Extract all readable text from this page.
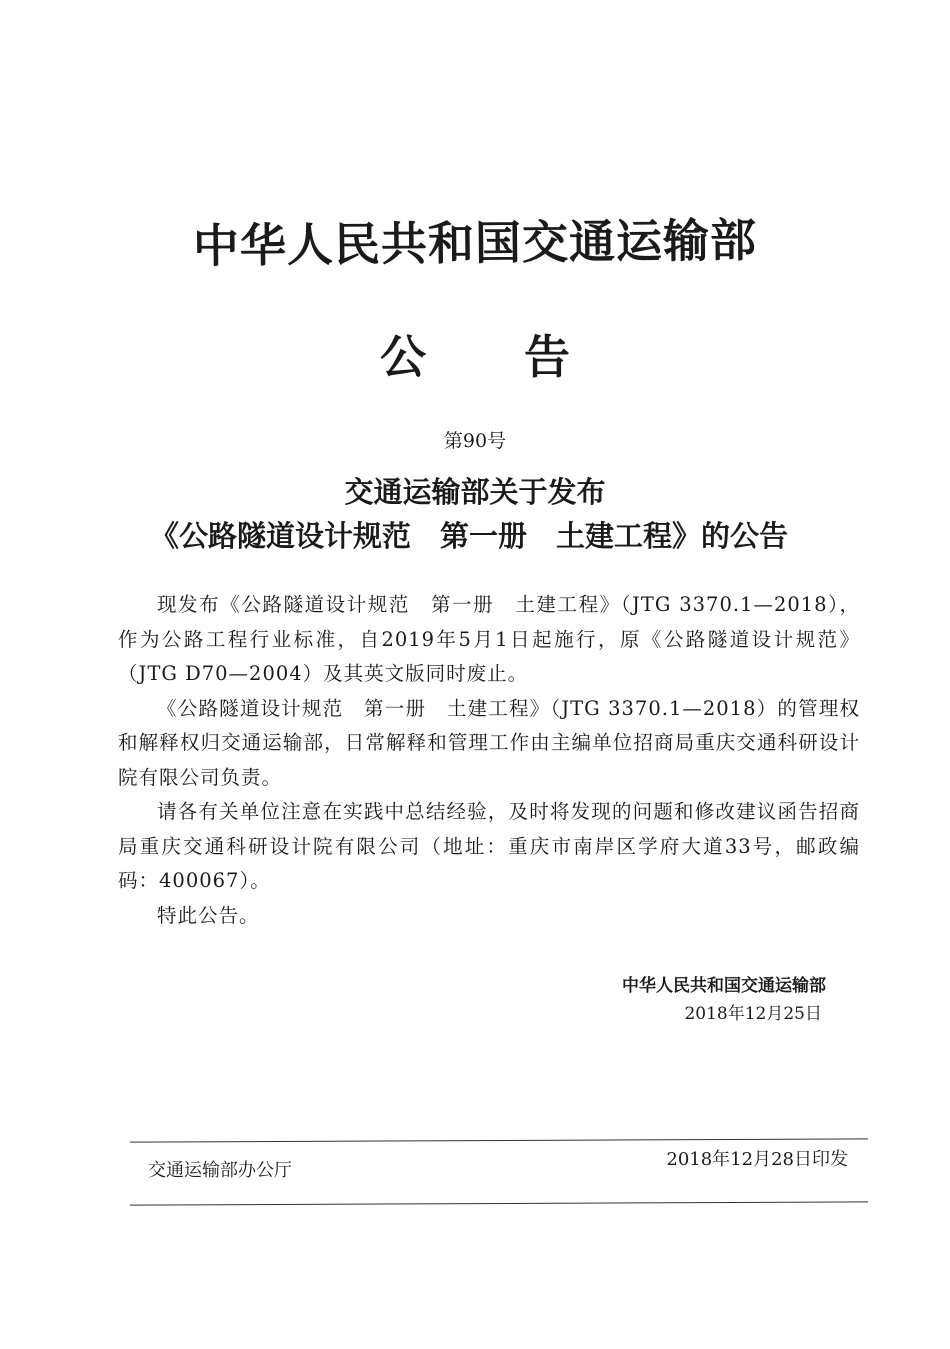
中华人民共和国交通运输部
公告
第90号
交通运输部关于发布
《公路隧道设计规范　第一册　土建工程》的公告

现发布《公路隧道设计规范　第一册　土建工程》（JTG 3370.1—2018），作为公路工程行业标准，自2019年5月1日起施行，原《公路隧道设计规范》（JTG D70—2004）及其英文版同时废止。

《公路隧道设计规范　第一册　土建工程》（JTG 3370.1—2018）的管理权和解释权归交通运输部，日常解释和管理工作由主编单位招商局重庆交通科研设计院有限公司负责。

请各有关单位注意在实践中总结经验，及时将发现的问题和修改建议函告招商局重庆交通科研设计院有限公司（地址：重庆市南岸区学府大道33号，邮政编码：400067）。

特此公告。

中华人民共和国交通运输部
2018年12月25日
交通运输部办公厅
2018年12月28日印发
